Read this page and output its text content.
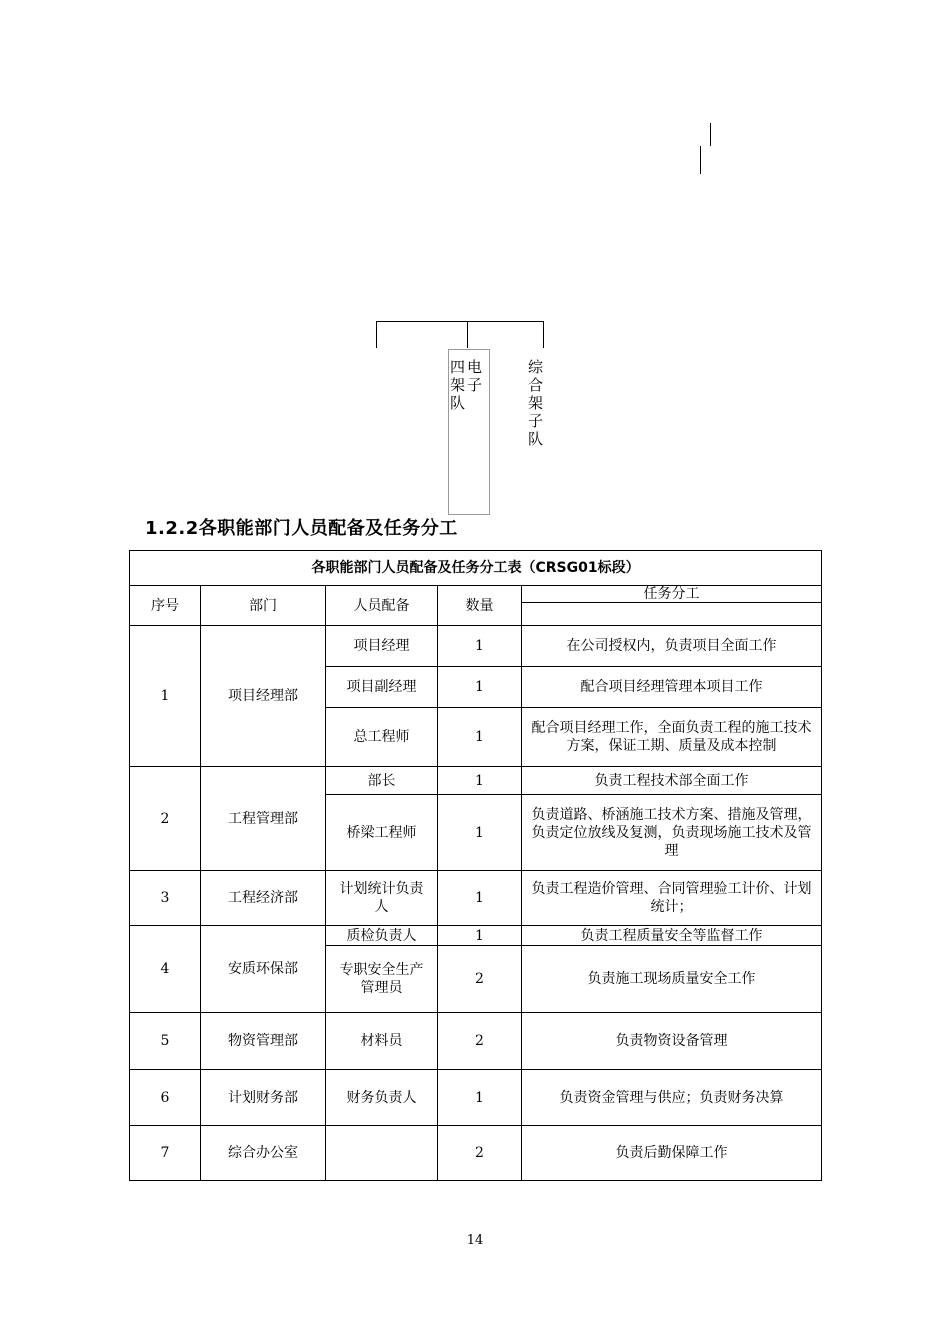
四
架
队
电
子
综
合
架
子
队
1.2.2各职能部门人员配备及任务分工
各职能部门人员配备及任务分工表（CRSG01标段）				
序号	部门	人员配备	数量	任务分工

1	项目经理部	项目经理	1	在公司授权内，负责项目全面工作
		项目副经理	1	配合项目经理管理本项目工作
		总工程师	1	配合项目经理工作，全面负责工程的施工技术方案，保证工期、质量及成本控制
2	工程管理部	部长	1	负责工程技术部全面工作
		桥梁工程师	1	负责道路、桥涵施工技术方案、措施及管理，负责定位放线及复测，负责现场施工技术及管理
3	工程经济部	计划统计负责人	1	负责工程造价管理、合同管理验工计价、计划统计；
4	安质环保部	质检负责人	1	负责工程质量安全等监督工作
		专职安全生产管理员	2	负责施工现场质量安全工作
5	物资管理部	材料员	2	负责物资设备管理
6	计划财务部	财务负责人	1	负责资金管理与供应；负责财务决算
7	综合办公室		2	负责后勤保障工作
14
